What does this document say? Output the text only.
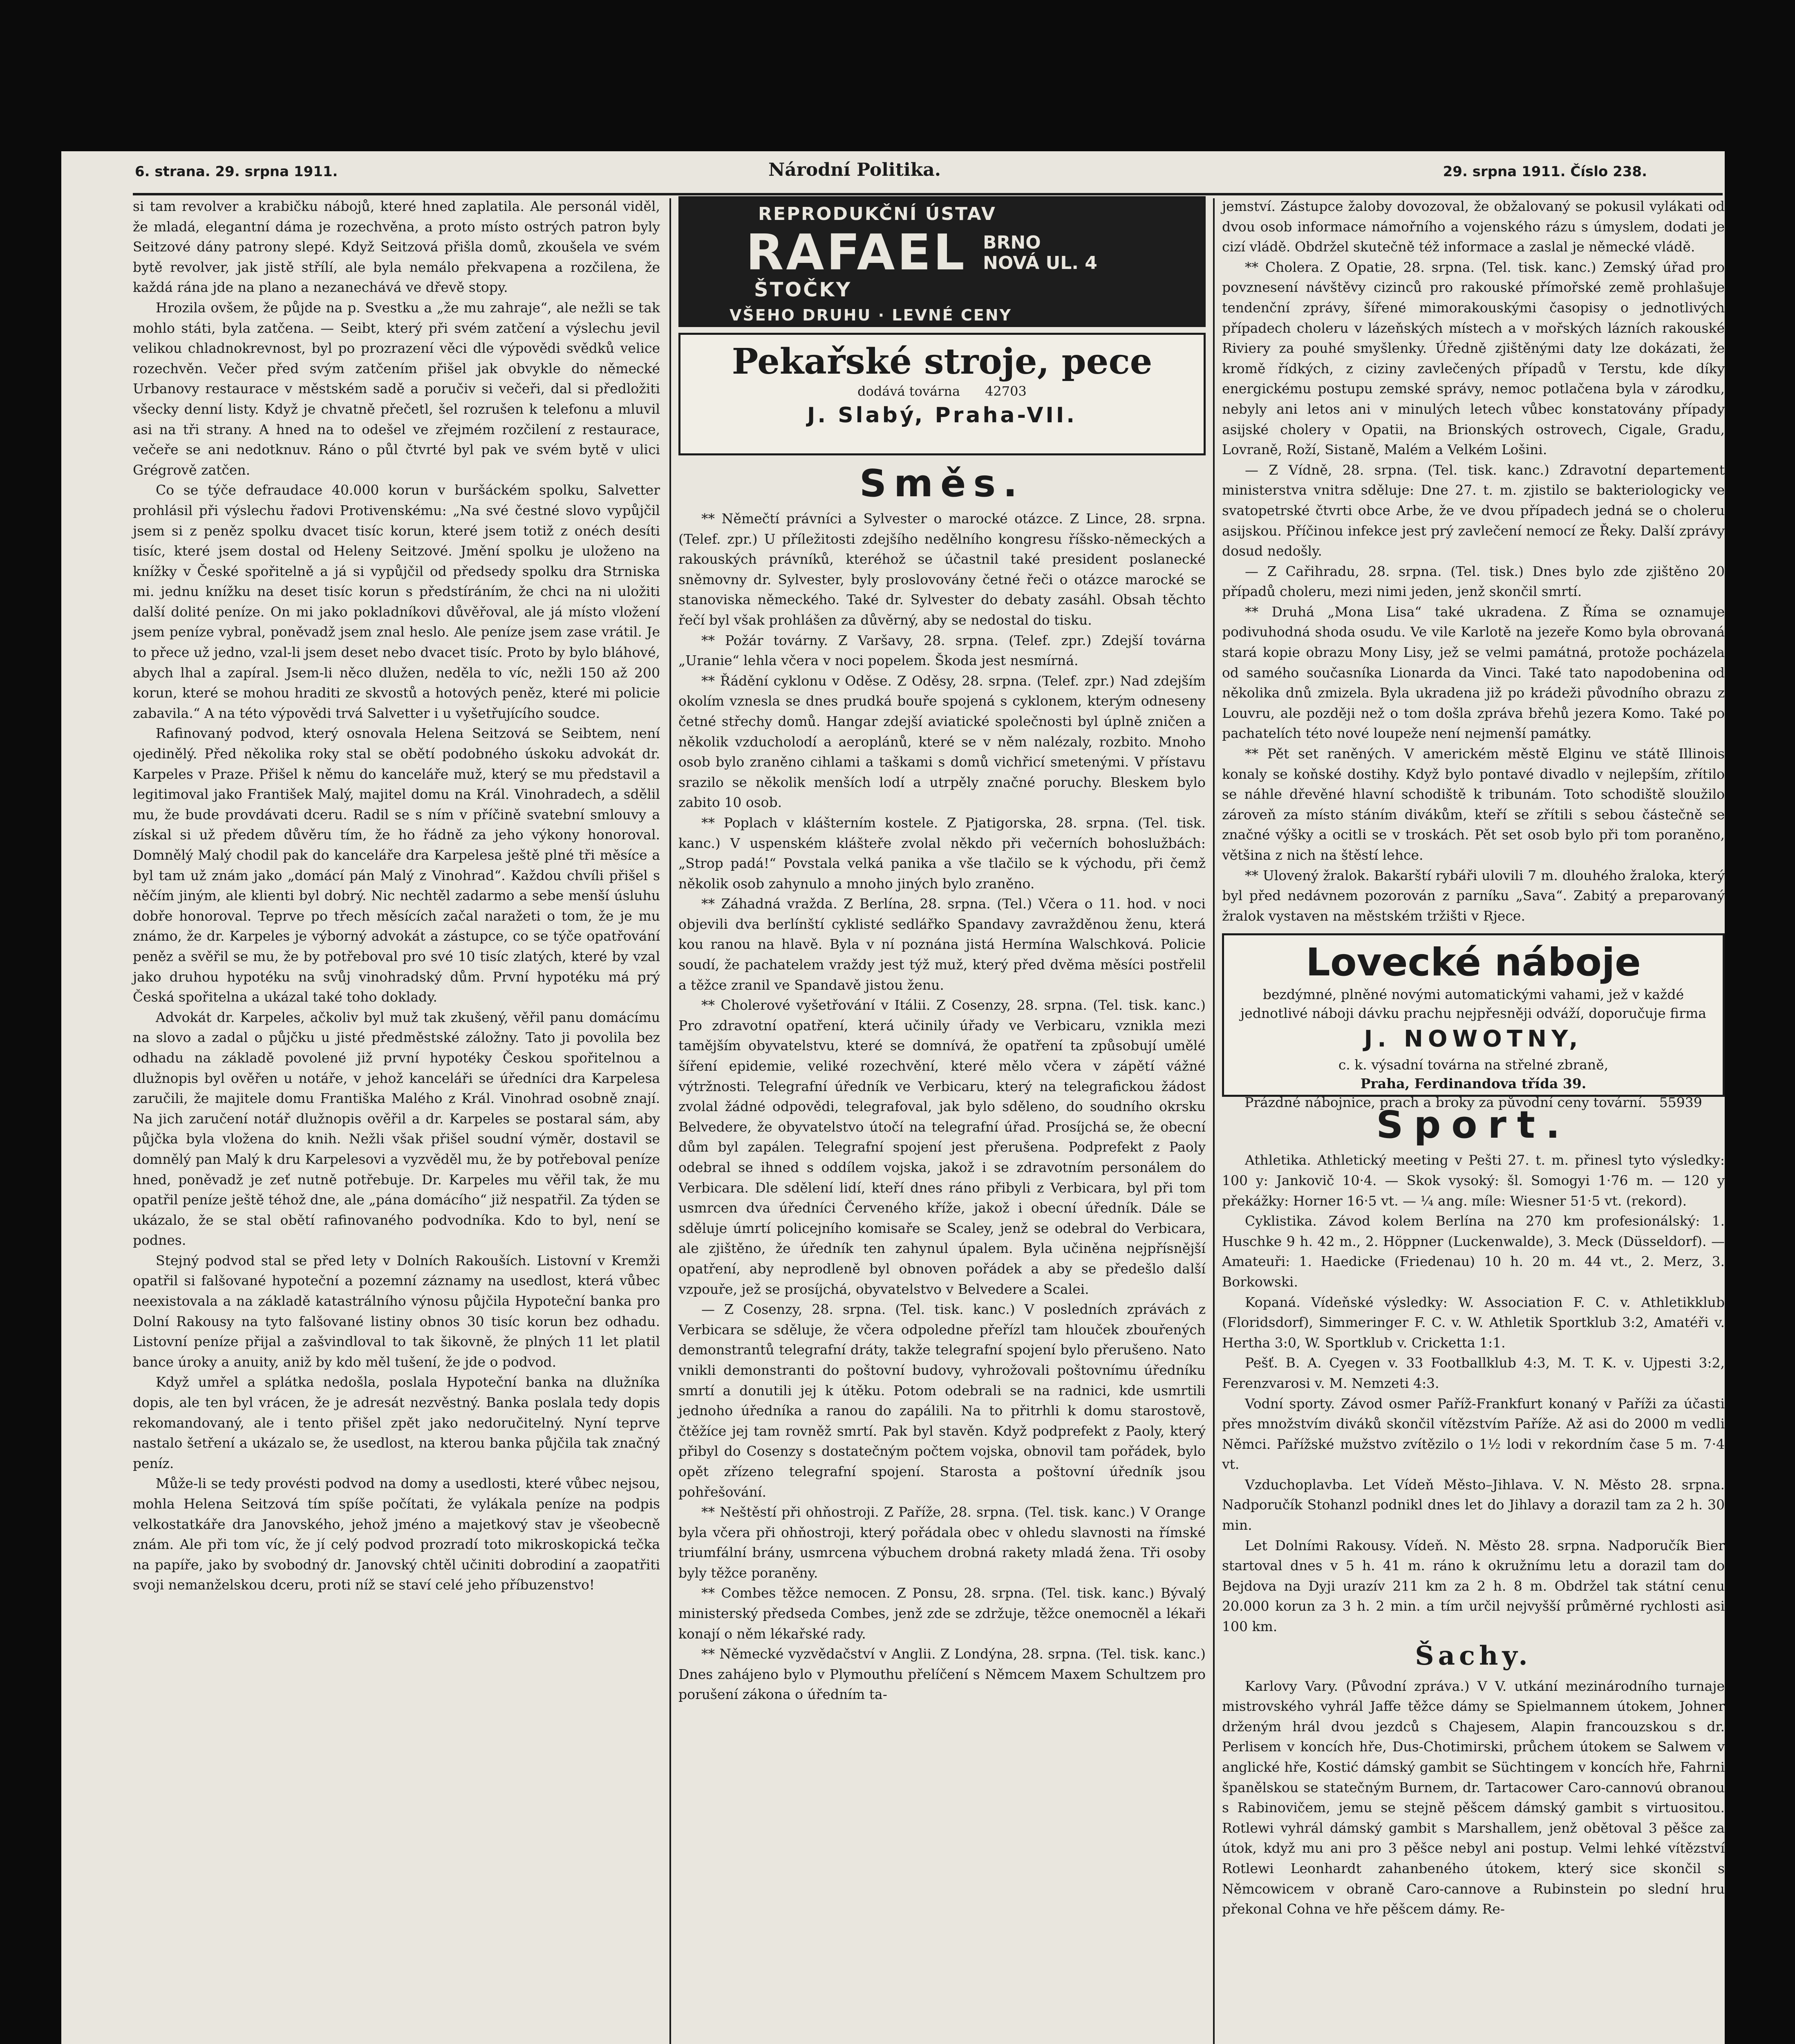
6. strana. 29. srpna 1911.	Národní Politika.	29. srpna 1911. Číslo 238.

si tam revolver a krabičku nábojů, které hned zaplatila. Ale personál viděl, že mladá, elegantní dáma je rozechvěna, a proto místo ostrých patron byly Seitzové dány patrony slepé. Když Seitzová přišla domů, zkoušela ve svém bytě revolver, jak jistě střílí, ale byla nemálo překvapena a rozčilena, že každá rána jde na plano a nezanechává ve dřevě stopy.

Hrozila ovšem, že půjde na p. Svestku a „že mu zahraje“, ale nežli se tak mohlo státi, byla zatčena. — Seibt, který při svém zatčení a výslechu jevil velikou chladnokrevnost, byl po prozrazení věci dle výpovědi svědků velice rozechvěn. Večer před svým zatčením přišel jak obvykle do německé Urbanovy restaurace v městském sadě a poručiv si večeři, dal si předložiti všecky denní listy. Když je chvatně přečetl, šel rozrušen k telefonu a mluvil asi na tři strany. A hned na to odešel ve zřejmém rozčilení z restaurace, večeře se ani nedotknuv. Ráno o půl čtvrté byl pak ve svém bytě v ulici Grégrově zatčen.

Co se týče defraudace 40.000 korun v buršáckém spolku, Salvetter prohlásil při výslechu řadovi Protivenskému: „Na své čestné slovo vypůjčil jsem si z peněz spolku dvacet tisíc korun, které jsem totiž z onéch desíti tisíc, které jsem dostal od Heleny Seitzové. Jmění spolku je uloženo na knížky v České spořitelně a já si vypůjčil od předsedy spolku dra Strniska mi. jednu knížku na deset tisíc korun s předstíráním, že chci na ni uložiti další dolité peníze. On mi jako pokladníkovi důvěřoval, ale já místo vložení jsem peníze vybral, poněvadž jsem znal heslo. Ale peníze jsem zase vrátil. Je to přece už jedno, vzal-li jsem deset nebo dvacet tisíc. Proto by bylo bláhové, abych lhal a zapíral. Jsem-li něco dlužen, neděla to víc, nežli 150 až 200 korun, které se mohou hraditi ze skvostů a hotových peněz, které mi policie zabavila.“ A na této výpovědi trvá Salvetter i u vyšetřujícího soudce.

Rafinovaný podvod, který osnovala Helena Seitzová se Seibtem, není ojedinělý. Před několika roky stal se obětí podobného úskoku advokát dr. Karpeles v Praze. Přišel k němu do kanceláře muž, který se mu představil a legitimoval jako František Malý, majitel domu na Král. Vinohradech, a sdělil mu, že bude provdávati dceru. Radil se s ním v příčině svatební smlouvy a získal si už předem důvěru tím, že ho řádně za jeho výkony honoroval. Domnělý Malý chodil pak do kanceláře dra Karpelesa ještě plné tři měsíce a byl tam už znám jako „domácí pán Malý z Vinohrad“. Každou chvíli přišel s něčím jiným, ale klienti byl dobrý. Nic nechtěl zadarmo a sebe menší úsluhu dobře honoroval. Teprve po třech měsících začal naražeti o tom, že je mu známo, že dr. Karpeles je výborný advokát a zástupce, co se týče opatřování peněz a svěřil se mu, že by potřeboval pro své 10 tisíc zlatých, které by vzal jako druhou hypotéku na svůj vinohradský dům. První hypotéku má prý Česká spořitelna a ukázal také toho doklady.

Advokát dr. Karpeles, ačkoliv byl muž tak zkušený, věřil panu domácímu na slovo a zadal o půjčku u jisté předměstské záložny. Tato ji povolila bez odhadu na základě povolené již první hypotéky Českou spořitelnou a dlužnopis byl ověřen u notáře, v jehož kanceláři se úředníci dra Karpelesa zaručili, že majitele domu Františka Malého z Král. Vinohrad osobně znají. Na jich zaručení notář dlužnopis ověřil a dr. Karpeles se postaral sám, aby půjčka byla vložena do knih. Nežli však přišel soudní výměr, dostavil se domnělý pan Malý k dru Karpelesovi a vyzvěděl mu, že by potřeboval peníze hned, poněvadž je zeť nutně potřebuje. Dr. Karpeles mu věřil tak, že mu opatřil peníze ještě téhož dne, ale „pána domácího“ již nespatřil. Za týden se ukázalo, že se stal obětí rafinovaného podvodníka. Kdo to byl, není se podnes.

Stejný podvod stal se před lety v Dolních Rakouších. Listovní v Kremži opatřil si falšované hypoteční a pozemní záznamy na usedlost, která vůbec neexistovala a na základě katastrálního výnosu půjčila Hypoteční banka pro Dolní Rakousy na tyto falšované listiny obnos 30 tisíc korun bez odhadu. Listovní peníze přijal a zašvindloval to tak šikovně, že plných 11 let platil bance úroky a anuity, aniž by kdo měl tušení, že jde o podvod.

Když umřel a splátka nedošla, poslala Hypoteční banka na dlužníka dopis, ale ten byl vrácen, že je adresát nezvěstný. Banka poslala tedy dopis rekomandovaný, ale i tento přišel zpět jako nedoručitelný. Nyní teprve nastalo šetření a ukázalo se, že usedlost, na kterou banka půjčila tak značný peníz.

Může-li se tedy provésti podvod na domy a usedlosti, které vůbec nejsou, mohla Helena Seitzová tím spíše počítati, že vylákala peníze na podpis velkostatkáře dra Janovského, jehož jméno a majetkový stav je všeobecně znám. Ale při tom víc, že jí celý podvod prozradí toto mikroskopická tečka na papíře, jako by svobodný dr. Janovský chtěl učiniti dobrodiní a zaopatřiti svoji nemanželskou dceru, proti níž se staví celé jeho příbuzenstvo!

REPRODUKČNÍ ÚSTAV
RAFAEL BRNO
NOVÁ UL. 4
ŠTOČKY
VŠEHO DRUHU · LEVNÉ CENY
Pekařské stroje, pece
dodává továrna 42703
J. Slabý, Praha-VII.
Směs.

** Němečtí právníci a Sylvester o marocké otázce. Z Lince, 28. srpna. (Telef. zpr.) U příležitosti zdejšího nedělního kongresu říšsko-německých a rakouských právníků, kteréhož se účastnil také president poslanecké sněmovny dr. Sylvester, byly proslovovány četné řeči o otázce marocké se stanoviska německého. Také dr. Sylvester do debaty zasáhl. Obsah těchto řečí byl však prohlášen za důvěrný, aby se nedostal do tisku.

** Požár továrny. Z Varšavy, 28. srpna. (Telef. zpr.) Zdejší továrna „Uranie“ lehla včera v noci popelem. Škoda jest nesmírná.

** Řádění cyklonu v Oděse. Z Oděsy, 28. srpna. (Telef. zpr.) Nad zdejším okolím vznesla se dnes prudká bouře spojená s cyklonem, kterým odneseny četné střechy domů. Hangar zdejší aviatické společnosti byl úplně zničen a několik vzducholodí a aeroplánů, které se v něm nalézaly, rozbito. Mnoho osob bylo zraněno cihlami a taškami s domů vichřicí smetenými. V přístavu srazilo se několik menších lodí a utrpěly značné poruchy. Bleskem bylo zabito 10 osob.

** Poplach v klášterním kostele. Z Pjatigorska, 28. srpna. (Tel. tisk. kanc.) V uspenském klášteře zvolal někdo při večerních bohoslužbách: „Strop padá!“ Povstala velká panika a vše tlačilo se k východu, při čemž několik osob zahynulo a mnoho jiných bylo zraněno.

** Záhadná vražda. Z Berlína, 28. srpna. (Tel.) Včera o 11. hod. v noci objevili dva berlínští cyklisté sedlářko Spandavy zavražděnou ženu, která kou ranou na hlavě. Byla v ní poznána jistá Hermína Walschková. Policie soudí, že pachatelem vraždy jest týž muž, který před dvěma měsíci postřelil a těžce zranil ve Spandavě jistou ženu.

** Cholerové vyšetřování v Itálii. Z Cosenzy, 28. srpna. (Tel. tisk. kanc.) Pro zdravotní opatření, která učinily úřady ve Verbicaru, vznikla mezi tamějším obyvatelstvu, které se domnívá, že opatření ta způsobují umělé šíření epidemie, veliké rozechvění, které mělo včera v zápětí vážné výtržnosti. Telegrafní úředník ve Verbicaru, který na telegrafickou žádost zvolal žádné odpovědi, telegrafoval, jak bylo sděleno, do soudního okrsku Belvedere, že obyvatelstvo útočí na telegrafní úřad. Prosíjchá se, že obecní dům byl zapálen. Telegrafní spojení jest přerušena. Podprefekt z Paoly odebral se ihned s oddílem vojska, jakož i se zdravotním personálem do Verbicara. Dle sdělení lidí, kteří dnes ráno přibyli z Verbicara, byl při tom usmrcen dva úředníci Červeného kříže, jakož i obecní úředník. Dále se sděluje úmrtí policejního komisaře se Scaley, jenž se odebral do Verbicara, ale zjištěno, že úředník ten zahynul úpalem. Byla učiněna nejpřísnější opatření, aby neprodleně byl obnoven pořádek a aby se předešlo další vzpouře, jež se prosíjchá, obyvatelstvo v Belvedere a Scalei.

— Z Cosenzy, 28. srpna. (Tel. tisk. kanc.) V posledních zprávách z Verbicara se sděluje, že včera odpoledne přeřízl tam hlouček zbouřených demonstrantů telegrafní dráty, takže telegrafní spojení bylo přerušeno. Nato vnikli demonstranti do poštovní budovy, vyhrožovali poštovnímu úředníku smrtí a donutili jej k útěku. Potom odebrali se na radnici, kde usmrtili jednoho úředníka a ranou do zapálili. Na to přitrhli k domu starostově, čtěžíce jej tam rovněž smrtí. Pak byl stavěn. Když podprefekt z Paoly, který přibyl do Cosenzy s dostatečným počtem vojska, obnovil tam pořádek, bylo opět zřízeno telegrafní spojení. Starosta a poštovní úředník jsou pohřešování.

** Neštěstí při ohňostroji. Z Paříže, 28. srpna. (Tel. tisk. kanc.) V Orange byla včera při ohňostroji, který pořádala obec v ohledu slavnosti na římské triumfální brány, usmrcena výbuchem drobná rakety mladá žena. Tři osoby byly těžce poraněny.

** Combes těžce nemocen. Z Ponsu, 28. srpna. (Tel. tisk. kanc.) Bývalý ministerský předseda Combes, jenž zde se zdržuje, těžce onemocněl a lékaři konají o něm lékařské rady.

** Německé vyzvědačství v Anglii. Z Londýna, 28. srpna. (Tel. tisk. kanc.) Dnes zahájeno bylo v Plymouthu přelíčení s Němcem Maxem Schultzem pro porušení zákona o úředním ta-

jemství. Zástupce žaloby dovozoval, že obžalovaný se pokusil vylákati od dvou osob informace námořního a vojenského rázu s úmyslem, dodati je cizí vládě. Obdržel skutečně též informace a zaslal je německé vládě.

** Cholera. Z Opatie, 28. srpna. (Tel. tisk. kanc.) Zemský úřad pro povznesení návštěvy cizinců pro rakouské přímořské země prohlašuje tendenční zprávy, šířené mimorakouskými časopisy o jednotlivých případech choleru v lázeňských místech a v mořských lázních rakouské Riviery za pouhé smyšlenky. Úředně zjištěnými daty lze dokázati, že kromě řídkých, z ciziny zavlečených případů v Terstu, kde díky energickému postupu zemské správy, nemoc potlačena byla v zárodku, nebyly ani letos ani v minulých letech vůbec konstatovány případy asijské cholery v Opatii, na Brionských ostrovech, Cigale, Gradu, Lovraně, Roží, Sistaně, Malém a Velkém Lošini.

— Z Vídně, 28. srpna. (Tel. tisk. kanc.) Zdravotní departement ministerstva vnitra sděluje: Dne 27. t. m. zjistilo se bakteriologicky ve svatopetrské čtvrti obce Arbe, že ve dvou případech jedná se o choleru asijskou. Příčinou infekce jest prý zavlečení nemocí ze Řeky. Další zprávy dosud nedošly.

— Z Cařihradu, 28. srpna. (Tel. tisk.) Dnes bylo zde zjištěno 20 případů choleru, mezi nimi jeden, jenž skončil smrtí.

** Druhá „Mona Lisa“ také ukradena. Z Říma se oznamuje podivuhodná shoda osudu. Ve vile Karlotě na jezeře Komo byla obrovaná stará kopie obrazu Mony Lisy, jež se velmi památná, protože pocházela od samého současníka Lionarda da Vinci. Také tato napodobenina od několika dnů zmizela. Byla ukradena již po krádeži původního obrazu z Louvru, ale později než o tom došla zpráva břehů jezera Komo. Také po pachatelích této nové loupeže není nejmenší památky.

** Pět set raněných. V americkém městě Elginu ve státě Illinois konaly se koňské dostihy. Když bylo pontavé divadlo v nejlepším, zřítilo se náhle dřevěné hlavní schodiště k tribunám. Toto schodiště sloužilo zároveň za místo stáním divákům, kteří se zřítili s sebou částečně se značné výšky a ocitli se v troskách. Pět set osob bylo při tom poraněno, většina z nich na štěstí lehce.

** Ulovený žralok. Bakarští rybáři ulovili 7 m. dlouhého žraloka, který byl před nedávnem pozorován z parníku „Sava“. Zabitý a preparovaný žralok vystaven na městském tržišti v Rjece.

Lovecké náboje
bezdýmné, plněné novými automatickými vahami, jež v každé jednotlivé náboji dávku prachu nejpřesněji odváží, doporučuje firma
J. NOWOTNY,
c. k. výsadní továrna na střelné zbraně,
Praha, Ferdinandova třída 39.
Prázdné nábojnice, prach a broky za původní ceny tovární. 55939
Sport.

Athletika. Athletický meeting v Pešti 27. t. m. přinesl tyto výsledky: 100 y: Jankovič 10·4. — Skok vysoký: šl. Somogyi 1·76 m. — 120 y překážky: Horner 16·5 vt. — ¼ ang. míle: Wiesner 51·5 vt. (rekord).

Cyklistika. Závod kolem Berlína na 270 km profesionálský: 1. Huschke 9 h. 42 m., 2. Höppner (Luckenwalde), 3. Meck (Düsseldorf). — Amateuři: 1. Haedicke (Friedenau) 10 h. 20 m. 44 vt., 2. Merz, 3. Borkowski.

Kopaná. Vídeňské výsledky: W. Association F. C. v. Athletikklub (Floridsdorf), Simmeringer F. C. v. W. Athletik Sportklub 3:2, Amatéři v. Hertha 3:0, W. Sportklub v. Cricketta 1:1.

Pešť. B. A. Cyegen v. 33 Footballklub 4:3, M. T. K. v. Ujpesti 3:2, Ferenzvarosi v. M. Nemzeti 4:3.

Vodní sporty. Závod osmer Paříž-Frankfurt konaný v Paříži za účasti přes množstvím diváků skončil vítězstvím Paříže. Až asi do 2000 m vedli Němci. Pařížské mužstvo zvítězilo o 1½ lodi v rekordním čase 5 m. 7·4 vt.

Vzduchoplavba. Let Vídeň Město–Jihlava. V. N. Město 28. srpna. Nadporučík Stohanzl podnikl dnes let do Jihlavy a dorazil tam za 2 h. 30 min.

Let Dolními Rakousy. Vídeň. N. Město 28. srpna. Nadporučík Bier startoval dnes v 5 h. 41 m. ráno k okružnímu letu a dorazil tam do Bejdova na Dyji urazív 211 km za 2 h. 8 m. Obdržel tak státní cenu 20.000 korun za 3 h. 2 min. a tím určil nejvyšší průměrné rychlosti asi 100 km.

Šachy.

Karlovy Vary. (Původní zpráva.) V V. utkání mezinárodního turnaje mistrovského vyhrál Jaffe těžce dámy se Spielmannem útokem, Johner drženým hrál dvou jezdců s Chajesem, Alapin francouzskou s dr. Perlisem v koncích hře, Dus-Chotimirski, průchem útokem se Salwem v anglické hře, Kostić dámský gambit se Süchtingem v koncích hře, Fahrni španělskou se statečným Burnem, dr. Tartacower Caro-cannovú obranou s Rabinovičem, jemu se stejně pěšcem dámský gambit s virtuositou. Rotlewi vyhrál dámský gambit s Marshallem, jenž obětoval 3 pěšce za útok, když mu ani pro 3 pěšce nebyl ani postup. Velmi lehké vítězství Rotlewi Leonhardt zahanbeného útokem, který sice skončil s Němcowicem v obraně Caro-cannove a Rubinstein po slední hru překonal Cohna ve hře pěšcem dámy. Re-
